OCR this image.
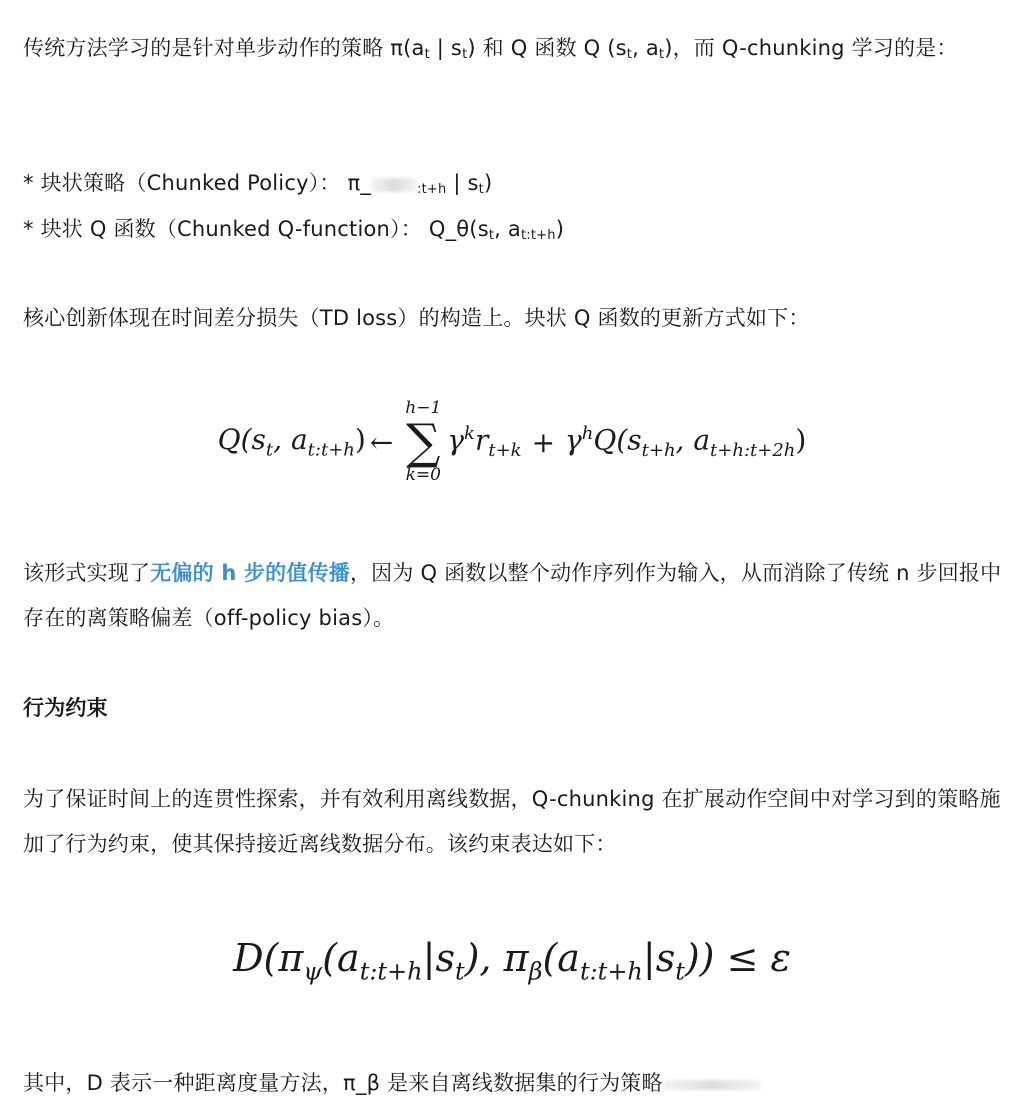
传统方法学习的是针对单步动作的策略 $\pi(a_t$ | $s_t$) 和 Q 函数 Q ($s_t$, $a_t$)，而 Q-chunking 学习的是：
* 块状策略（Chunked Policy）： π_	$_{:t+h}$ | $s_t$)
* 块状 Q 函数（Chunked Q-function）： $Q\_\theta(s_t$, $a_{t:t+h}$)
核心创新体现在时间差分损失（TD loss）的构造上。块状 Q 函数的更新方式如下：
$Q(s_t$, $a_{t:t+h}$) ←
h−1
∑
k=0
$\gamma^kr_{t+k} + \gamma^hQ(s_{t+h}$, $a_{t+h:t+2h}$)
该形式实现了无偏的 h 步的值传播，因为 Q 函数以整个动作序列作为输入，从而消除了传统 n 步回报中存在的离策略偏差（off-policy bias）。
行为约束
为了保证时间上的连贯性探索，并有效利用离线数据，Q-chunking 在扩展动作空间中对学习到的策略施加了行为约束，使其保持接近离线数据分布。该约束表达如下：
$D(\pi_\psi(a_{t:t+h}|s_t)$, $\pi_\beta(a_{t:t+h}|s_t)) \le \varepsilon$
其中，D 表示一种距离度量方法，π_β 是来自离线数据集的行为策略
